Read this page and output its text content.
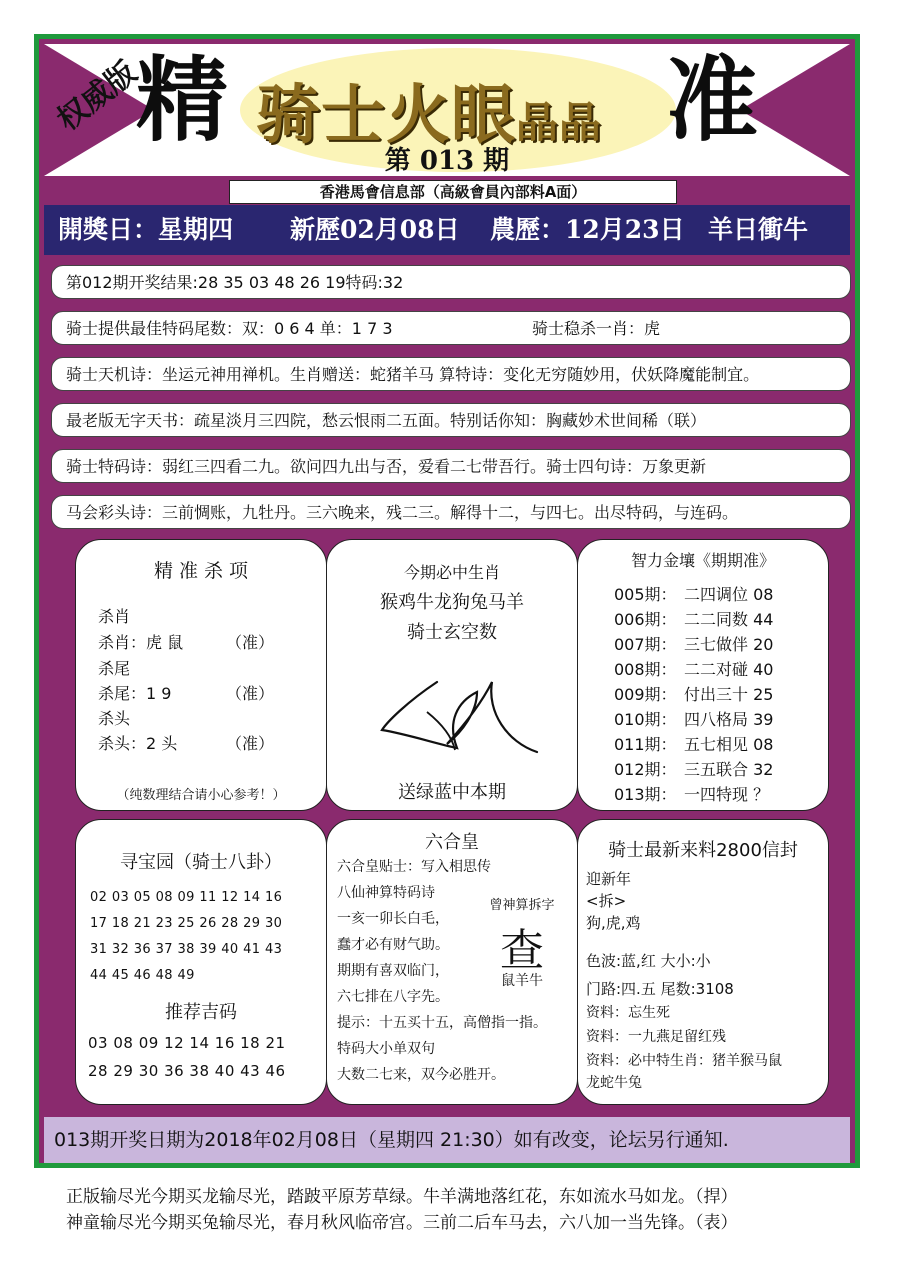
权威版
精	准
骑士火眼晶晶
第 013 期
香港馬會信息部（高級會員內部料A面）
開獎日：星期四 新歷02月08日 農歷：12月23日 羊日衝牛
第012期开奖结果:28 35 03 48 26 19特码:32
骑士提供最佳特码尾数：双：0 6 4 单：1 7 3	骑士稳杀一肖：虎
骑士天机诗：坐运元神用禅机。生肖赠送：蛇猪羊马 算特诗：变化无穷随妙用，伏妖降魔能制宜。
最老版无字天书：疏星淡月三四院，愁云恨雨二五面。特别话你知：胸藏妙术世间稀（联）
骑士特码诗：弱红三四看二九。欲问四九出与否，爱看二七带吾行。骑士四句诗：万象更新
马会彩头诗：三前惆账，九牡丹。三六晚来，残二三。解得十二，与四七。出尽特码，与连码。
精 准 杀 项
杀肖
杀肖：虎 鼠	（准）
杀尾
杀尾：1 9	（准）
杀头
杀头：2 头	（准）
（纯数理结合请小心参考！）
今期必中生肖
猴鸡牛龙狗兔马羊
骑士玄空数
送绿蓝中本期
智力金壤《期期准》
005期： 二四调位 08
006期： 二二同数 44
007期： 三七做伴 20
008期： 二二对碰 40
009期： 付出三十 25
010期： 四八格局 39
011期： 五七相见 08
012期： 三五联合 32
013期： 一四特现 ？
寻宝园（骑士八卦）
02 03 05 08 09 11 12 14 16
17 18 21 23 25 26 28 29 30
31 32 36 37 38 39 40 41 43
44 45 46 48 49
推荐吉码
03 08 09 12 14 16 18 21
28 29 30 36 38 40 43 46
六合皇
六合皇贴士：写入相思传
八仙神算特码诗
一亥一卯长白毛，
蠢才必有财气助。
期期有喜双临门，
六七排在八字先。
提示：十五买十五，高僧指一指。
特码大小单双句
大数二七来，双今必胜开。
曾神算拆字
查
鼠羊牛
骑士最新来料2800信封
迎新年
<拆>
狗,虎,鸡
色波:蓝,红 大小:小
门路:四.五 尾数:3108
资料：忘生死
资料：一九燕足留红残
资料：必中特生肖：猪羊猴马鼠
龙蛇牛兔
013期开奖日期为2018年02月08日（星期四 21:30）如有改变，论坛另行通知.
正版输尽光今期买龙输尽光，踏跛平原芳草绿。牛羊满地落红花，东如流水马如龙。（捍）
神童输尽光今期买兔输尽光，春月秋风临帝宫。三前二后车马去，六八加一当先锋。（表）
